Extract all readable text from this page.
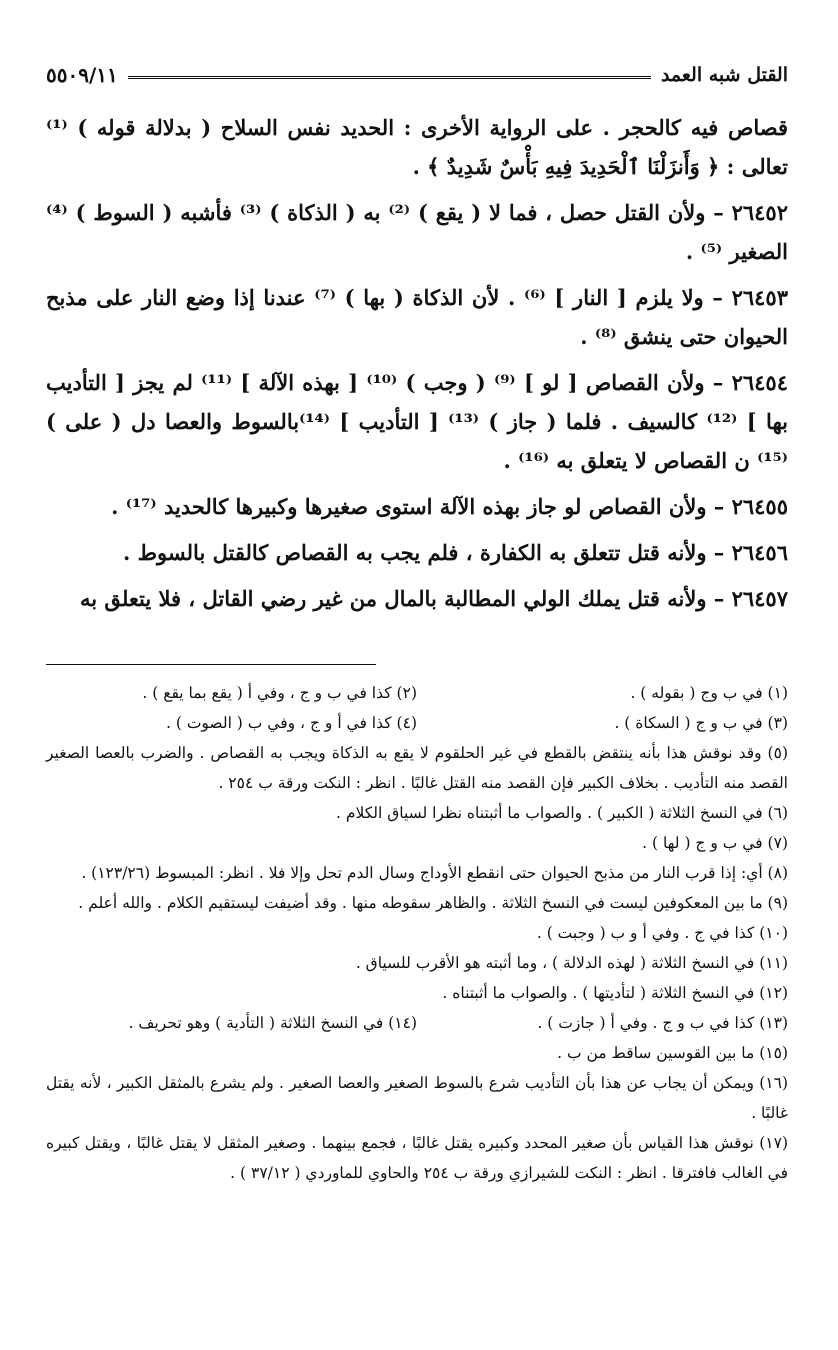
القتل شبه العمد
٥٥٠٩/١١

قصاص فيه كالحجر . على الرواية الأخرى : الحديد نفس السلاح ( بدلالة قوله ) ⁽¹⁾ تعالى : ﴿ وَأَنزَلْنَا ٱلْحَدِيدَ فِيهِ بَأْسٌ شَدِيدٌ ﴾ .

٢٦٤٥٢ – ولأن القتل حصل ، فما لا ( يقع ) ⁽²⁾ به ( الذكاة ) ⁽³⁾ فأشبه ( السوط ) ⁽⁴⁾ الصغير ⁽⁵⁾ .

٢٦٤٥٣ – ولا يلزم [ النار ] ⁽⁶⁾ . لأن الذكاة ( بها ) ⁽⁷⁾ عندنا إذا وضع النار على مذبح الحيوان حتى ينشق ⁽⁸⁾ .

٢٦٤٥٤ – ولأن القصاص [ لو ] ⁽⁹⁾ ( وجب ) ⁽¹⁰⁾ [ بهذه الآلة ] ⁽¹¹⁾ لم يجز [ التأديب بها ] ⁽¹²⁾ كالسيف . فلما ( جاز ) ⁽¹³⁾ [ التأديب ] ⁽¹⁴⁾بالسوط والعصا دل ( على ) ⁽¹⁵⁾ ن القصاص لا يتعلق به ⁽¹⁶⁾ .

٢٦٤٥٥ – ولأن القصاص لو جاز بهذه الآلة استوى صغيرها وكبيرها كالحديد ⁽¹⁷⁾ .

٢٦٤٥٦ – ولأنه قتل تتعلق به الكفارة ، فلم يجب به القصاص كالقتل بالسوط .

٢٦٤٥٧ – ولأنه قتل يملك الولي المطالبة بالمال من غير رضي القاتل ، فلا يتعلق به

(١) في ب وج ( بقوله ) .
(٢) كذا في ب و ج ، وفي أ ( يقع بما يقع ) .
(٣) في ب و ج ( السكاة ) .
(٤) كذا في أ و ج ، وفي ب ( الصوت ) .

(٥) وقد نوقش هذا بأنه ينتقض بالقطع في غير الحلقوم لا يقع به الذكاة ويجب به القصاص . والضرب بالعصا الصغير القصد منه التأديب . بخلاف الكبير فإن القصد منه القتل غالبًا . انظر : النكت ورقة ب ٢٥٤ .

(٦) في النسخ الثلاثة ( الكبير ) . والصواب ما أثبتناه نظرا لسياق الكلام .

(٧) في ب و ج ( لها ) .

(٨) أي: إذا قرب النار من مذبح الحيوان حتى انقطع الأوداج وسال الدم تحل وإلا فلا . انظر: المبسوط (١٢٣/٢٦) .

(٩) ما بين المعكوفين ليست في النسخ الثلاثة . والظاهر سقوطه منها . وقد أضيفت ليستقيم الكلام . والله أعلم .

(١٠) كذا في ج . وفي أ و ب ( وجبت ) .

(١١) في النسخ الثلاثة ( لهذه الدلالة ) ، وما أثبته هو الأقرب للسياق .

(١٢) في النسخ الثلاثة ( لتأديتها ) . والصواب ما أثبتناه .

(١٣) كذا في ب و ج . وفي أ ( جازت ) .
(١٤) في النسخ الثلاثة ( التأدية ) وهو تحريف .

(١٥) ما بين القوسين ساقط من ب .

(١٦) ويمكن أن يجاب عن هذا بأن التأديب شرع بالسوط الصغير والعصا الصغير . ولم يشرع بالمثقل الكبير ، لأنه يقتل غالبًا .

(١٧) نوقش هذا القياس بأن صغير المحدد وكبيره يقتل غالبًا ، فجمع بينهما . وصغير المثقل لا يقتل غالبًا ، ويقتل كبيره في الغالب فافترقا . انظر : النكت للشيرازي ورقة ب ٢٥٤ والحاوي للماوردي ( ٣٧/١٢ ) .
